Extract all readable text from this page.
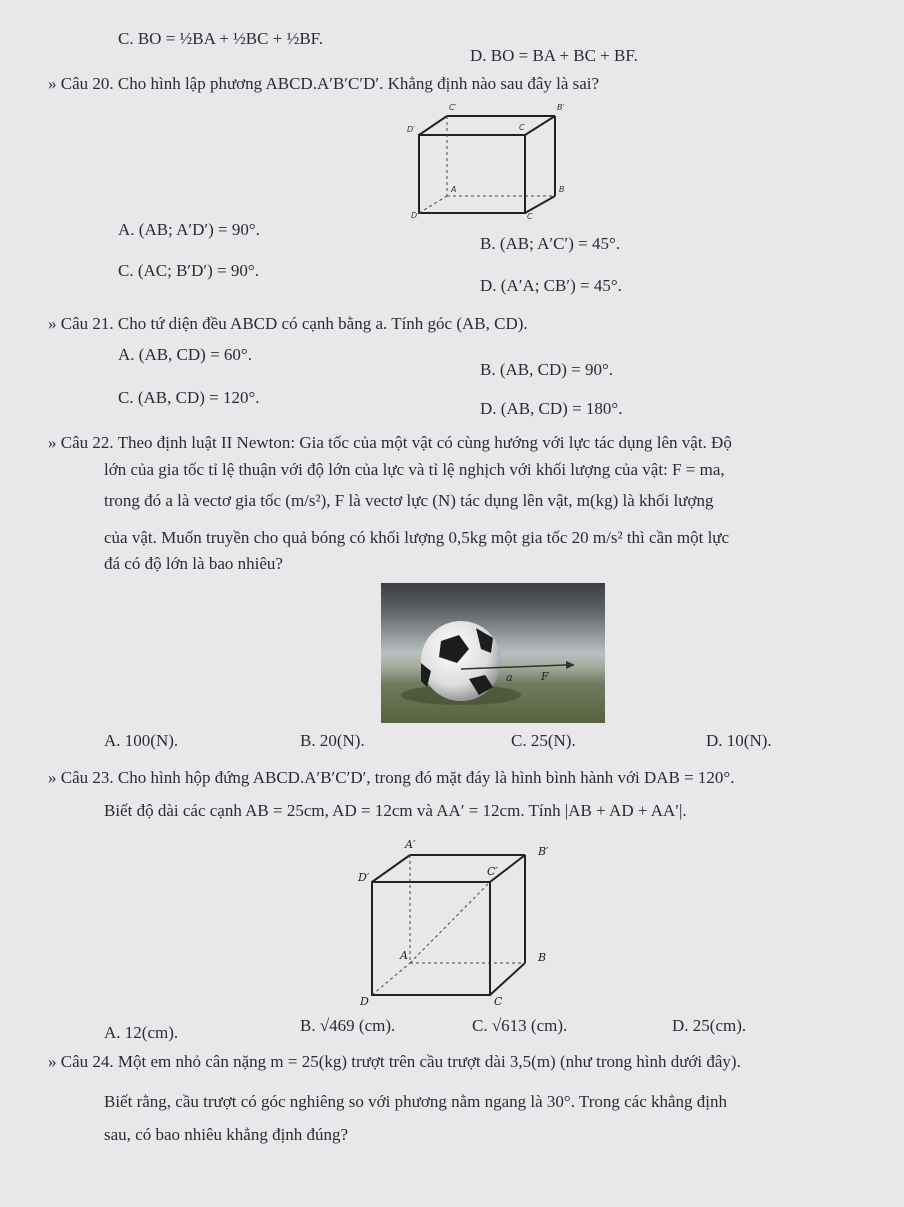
C. BO = ½BA + ½BC + ½BF.
D. BO = BA + BC + BF.
» Câu 20. Cho hình lập phương ABCD.A′B′C′D′. Khẳng định nào sau đây là sai?
C′	B′
D′	C
A	B
D	C
A. (AB; A′D′) = 90°.
B. (AB; A′C′) = 45°.
C. (AC; B′D′) = 90°.
D. (A′A; CB′) = 45°.
» Câu 21. Cho tứ diện đều ABCD có cạnh bằng a. Tính góc (AB, CD).
A. (AB, CD) = 60°.
B. (AB, CD) = 90°.
C. (AB, CD) = 120°.
D. (AB, CD) = 180°.
» Câu 22. Theo định luật II Newton: Gia tốc của một vật có cùng hướng với lực tác dụng lên vật. Độ
lớn của gia tốc tỉ lệ thuận với độ lớn của lực và tỉ lệ nghịch với khối lượng của vật: F = ma,
trong đó a là vectơ gia tốc (m/s²), F là vectơ lực (N) tác dụng lên vật, m(kg) là khối lượng
của vật. Muốn truyền cho quả bóng có khối lượng 0,5kg một gia tốc 20 m/s² thì cần một lực
đá có độ lớn là bao nhiêu?
a	F
A. 100(N).	B. 20(N).	C. 25(N).	D. 10(N).
» Câu 23. Cho hình hộp đứng ABCD.A′B′C′D′, trong đó mặt đáy là hình bình hành với DAB = 120°.
Biết độ dài các cạnh AB = 25cm, AD = 12cm và AA′ = 12cm. Tính |AB + AD + AA′|.
A′
B′
D′	C′
A	B
D	C
A. 12(cm).	B. √469 (cm).	C. √613 (cm).	D. 25(cm).
» Câu 24. Một em nhỏ cân nặng m = 25(kg) trượt trên cầu trượt dài 3,5(m) (như trong hình dưới đây).
Biết rằng, cầu trượt có góc nghiêng so với phương nằm ngang là 30°. Trong các khẳng định
sau, có bao nhiêu khẳng định đúng?
